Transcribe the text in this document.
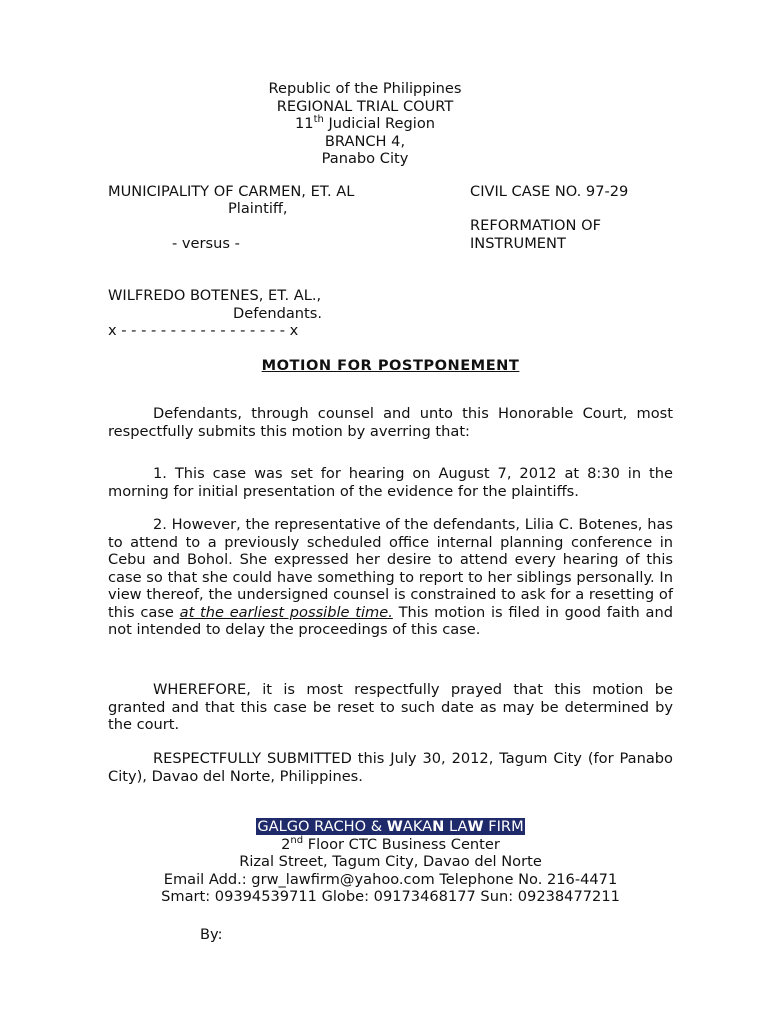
Republic of the Philippines
REGIONAL TRIAL COURT
11th Judicial Region
BRANCH 4,
Panabo City
MUNICIPALITY OF CARMEN, ET. AL
Plaintiff,
- versus -
WILFREDO BOTENES, ET. AL.,
Defendants.
x - - - - - - - - - - - - - - - - - x
CIVIL CASE NO. 97-29
REFORMATION OF
INSTRUMENT
MOTION FOR POSTPONEMENT
Defendants, through counsel and unto this Honorable Court, most respectfully submits this motion by averring that:
1. This case was set for hearing on August 7, 2012 at 8:30 in the morning for initial presentation of the evidence for the plaintiffs.
2. However, the representative of the defendants, Lilia C. Botenes, has to attend to a previously scheduled office internal planning conference in Cebu and Bohol. She expressed her desire to attend every hearing of this case so that she could have something to report to her siblings personally. In view thereof, the undersigned counsel is constrained to ask for a resetting of this case at the earliest possible time. This motion is filed in good faith and not intended to delay the proceedings of this case.
WHEREFORE, it is most respectfully prayed that this motion be granted and that this case be reset to such date as may be determined by the court.
RESPECTFULLY SUBMITTED this July 30, 2012, Tagum City (for Panabo City), Davao del Norte, Philippines.
GALGO RACHO & WAKAN LAW FIRM
2nd Floor CTC Business Center
Rizal Street, Tagum City, Davao del Norte
Email Add.: grw_lawfirm@yahoo.com Telephone No. 216-4471
Smart: 09394539711 Globe: 09173468177 Sun: 09238477211
By:
